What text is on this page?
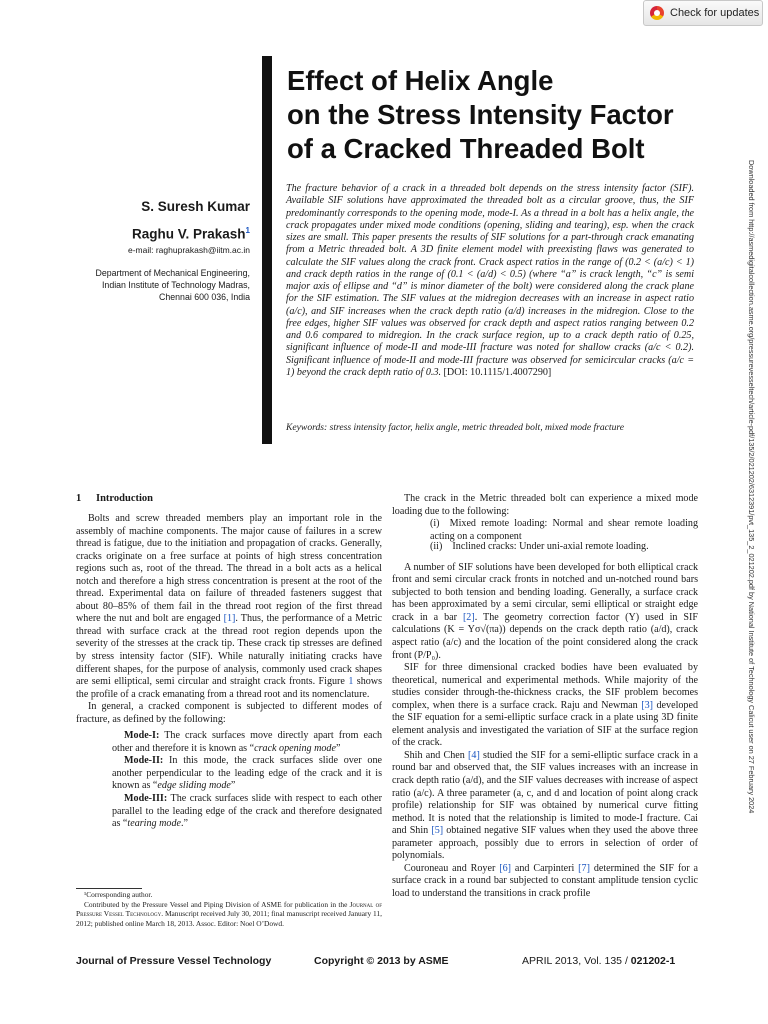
Check for updates
Effect of Helix Angle
on the Stress Intensity Factor
of a Cracked Threaded Bolt

S. Suresh Kumar

Raghu V. Prakash$^1$

e-mail: raghuprakash@iitm.ac.in

Department of Mechanical Engineering,
Indian Institute of Technology Madras,
Chennai 600 036, India
The fracture behavior of a crack in a threaded bolt depends on the stress intensity factor (SIF). Available SIF solutions have approximated the threaded bolt as a circular groove, thus, the SIF predominantly corresponds to the opening mode, mode-I. As a thread in a bolt has a helix angle, the crack propagates under mixed mode conditions (opening, sliding and tearing), esp. when the crack sizes are small. This paper presents the results of SIF solutions for a part-through crack emanating from a Metric threaded bolt. A 3D finite element model with preexisting flaws was generated to calculate the SIF values along the crack front. Crack aspect ratios in the range of (0.2 < (a/c) < 1) and crack depth ratios in the range of (0.1 < (a/d) < 0.5) (where “a” is crack length, “c” is semi major axis of ellipse and “d” is minor diameter of the bolt) were considered along the crack plane for the SIF estimation. The SIF values at the midregion decreases with an increase in aspect ratio (a/c), and SIF increases when the crack depth ratio (a/d) increases in the midregion. Close to the free edges, higher SIF values was observed for crack depth and aspect ratios ranging between 0.2 and 0.6 compared to midregion. In the crack surface region, up to a crack depth ratio of 0.25, significant influence of mode-II and mode-III fracture was noted for shallow cracks (a/c < 0.2). Significant influence of mode-II and mode-III fracture was observed for semicircular cracks (a/c = 1) beyond the crack depth ratio of 0.3. [DOI: 10.1115/1.4007290]
Keywords: stress intensity factor, helix angle, metric threaded bolt, mixed mode fracture	Downloaded from http://asmedigitalcollection.asme.org/pressurevesseltech/article-pdf/135/2/021202/6312391/pvt_135_2_021202.pdf by National Institute of Technology Calicut user on 27 February 2024
1 Introduction

Bolts and screw threaded members play an important role in the assembly of machine components. The major cause of failures in a screw thread is fatigue, due to the initiation and propagation of cracks. Generally, cracks originate on a free surface at points of high stress concentration regions such as, root of the thread. The thread in a bolt acts as a helical notch and therefore a high stress concentration is present at the root of the thread. Experimental data on failure of threaded fasteners suggest that about 80–85% of them fail in the thread root region of the first thread where the nut and bolt are engaged [1]. Thus, the performance of a Metric thread with surface crack at the thread root region depends upon the severity of the stresses at the crack tip. These crack tip stresses are defined by stress intensity factor (SIF). While naturally initiating cracks have different shapes, for the purpose of analysis, commonly used crack shapes are semi elliptical, semi circular and straight crack fronts. Figure 1 shows the profile of a crack emanating from a thread root and its nomenclature.

In general, a cracked component is subjected to different modes of fracture, as defined by the following:

Mode-I: The crack surfaces move directly apart from each other and therefore it is known as “crack opening mode”

Mode-II: In this mode, the crack surfaces slide over one another perpendicular to the leading edge of the crack and it is known as “edge sliding mode”

Mode-III: The crack surfaces slide with respect to each other parallel to the leading edge of the crack and therefore designated as “tearing mode.”

¹Corresponding author.

Contributed by the Pressure Vessel and Piping Division of ASME for publication in the Journal of Pressure Vessel Technology. Manuscript received July 30, 2011; final manuscript received January 11, 2012; published online March 18, 2013. Assoc. Editor: Noel O’Dowd.

The crack in the Metric threaded bolt can experience a mixed mode loading due to the following:

(i) Mixed remote loading: Normal and shear remote loading acting on a component

(ii) Inclined cracks: Under uni-axial remote loading.

A number of SIF solutions have been developed for both elliptical crack front and semi circular crack fronts in notched and un-notched round bars subjected to both tension and bending loading. Generally, a surface crack has been approximated by a semi circular, semi elliptical or straight edge crack in a bar [2]. The geometry correction factor (Y) used in SIF calculations (K = Yσ√(πa)) depends on the crack depth ratio (a/d), crack aspect ratio (a/c) and the location of the point considered along the crack front (P/P₀).

SIF for three dimensional cracked bodies have been evaluated by theoretical, numerical and experimental methods. While majority of the studies consider through-the-thickness cracks, the SIF problem becomes complex, when there is a surface crack. Raju and Newman [3] developed the SIF equation for a semi-elliptic surface crack in a plate using 3D finite element analysis and investigated the variation of SIF at the surface region of the crack.

Shih and Chen [4] studied the SIF for a semi-elliptic surface crack in a round bar and observed that, the SIF values increases with an increase in crack depth ratio (a/d), and the SIF values decreases with increase of aspect ratio (a/c). A three parameter (a, c, and d and location of point along crack profile) relationship for SIF was obtained by numerical curve fitting method. It is noted that the relationship is limited to mode-I fracture. Cai and Shin [5] obtained negative SIF values when they used the above three parameter approach, possibly due to errors in selection of order of polynomials.

Couroneau and Royer [6] and Carpinteri [7] determined the SIF for a surface crack in a round bar subjected to constant amplitude tension cyclic load to understand the transitions in crack profile

Journal of Pressure Vessel Technology	Copyright © 2013 by ASME	APRIL 2013, Vol. 135 / 021202-1
